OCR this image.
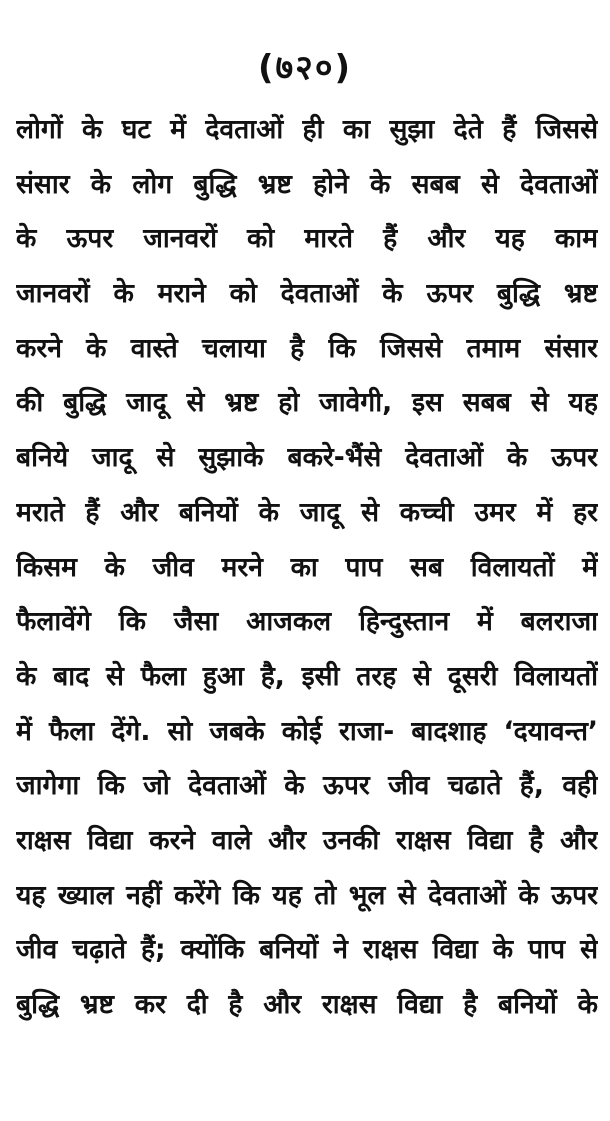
(७२०)
लोगों के घट में देवताओं ही का सुझा देते हैं जिससे
संसार के लोग बुद्धि भ्रष्ट होने के सबब से देवताओं
के ऊपर जानवरों को मारते हैं और यह काम
जानवरों के मराने को देवताओं के ऊपर बुद्धि भ्रष्ट
करने के वास्ते चलाया है कि जिससे तमाम संसार
की बुद्धि जादू से भ्रष्ट हो जावेगी, इस सबब से यह
बनिये जादू से सुझाके बकरे-भैंसे देवताओं के ऊपर
मराते हैं और बनियों के जादू से कच्ची उमर में हर
किसम के जीव मरने का पाप सब विलायतों में
फैलावेंगे कि जैसा आजकल हिन्दुस्तान में बलराजा
के बाद से फैला हुआ है, इसी तरह से दूसरी विलायतों
में फैला देंगे. सो जबके कोई राजा- बादशाह ‘दयावन्त’
जागेगा कि जो देवताओं के ऊपर जीव चढाते हैं, वही
राक्षस विद्या करने वाले और उनकी राक्षस विद्या है और
यह ख्याल नहीं करेंगे कि यह तो भूल से देवताओं के ऊपर
जीव चढ़ाते हैं; क्योंकि बनियों ने राक्षस विद्या के पाप से
बुद्धि भ्रष्ट कर दी है और राक्षस विद्या है बनियों के
